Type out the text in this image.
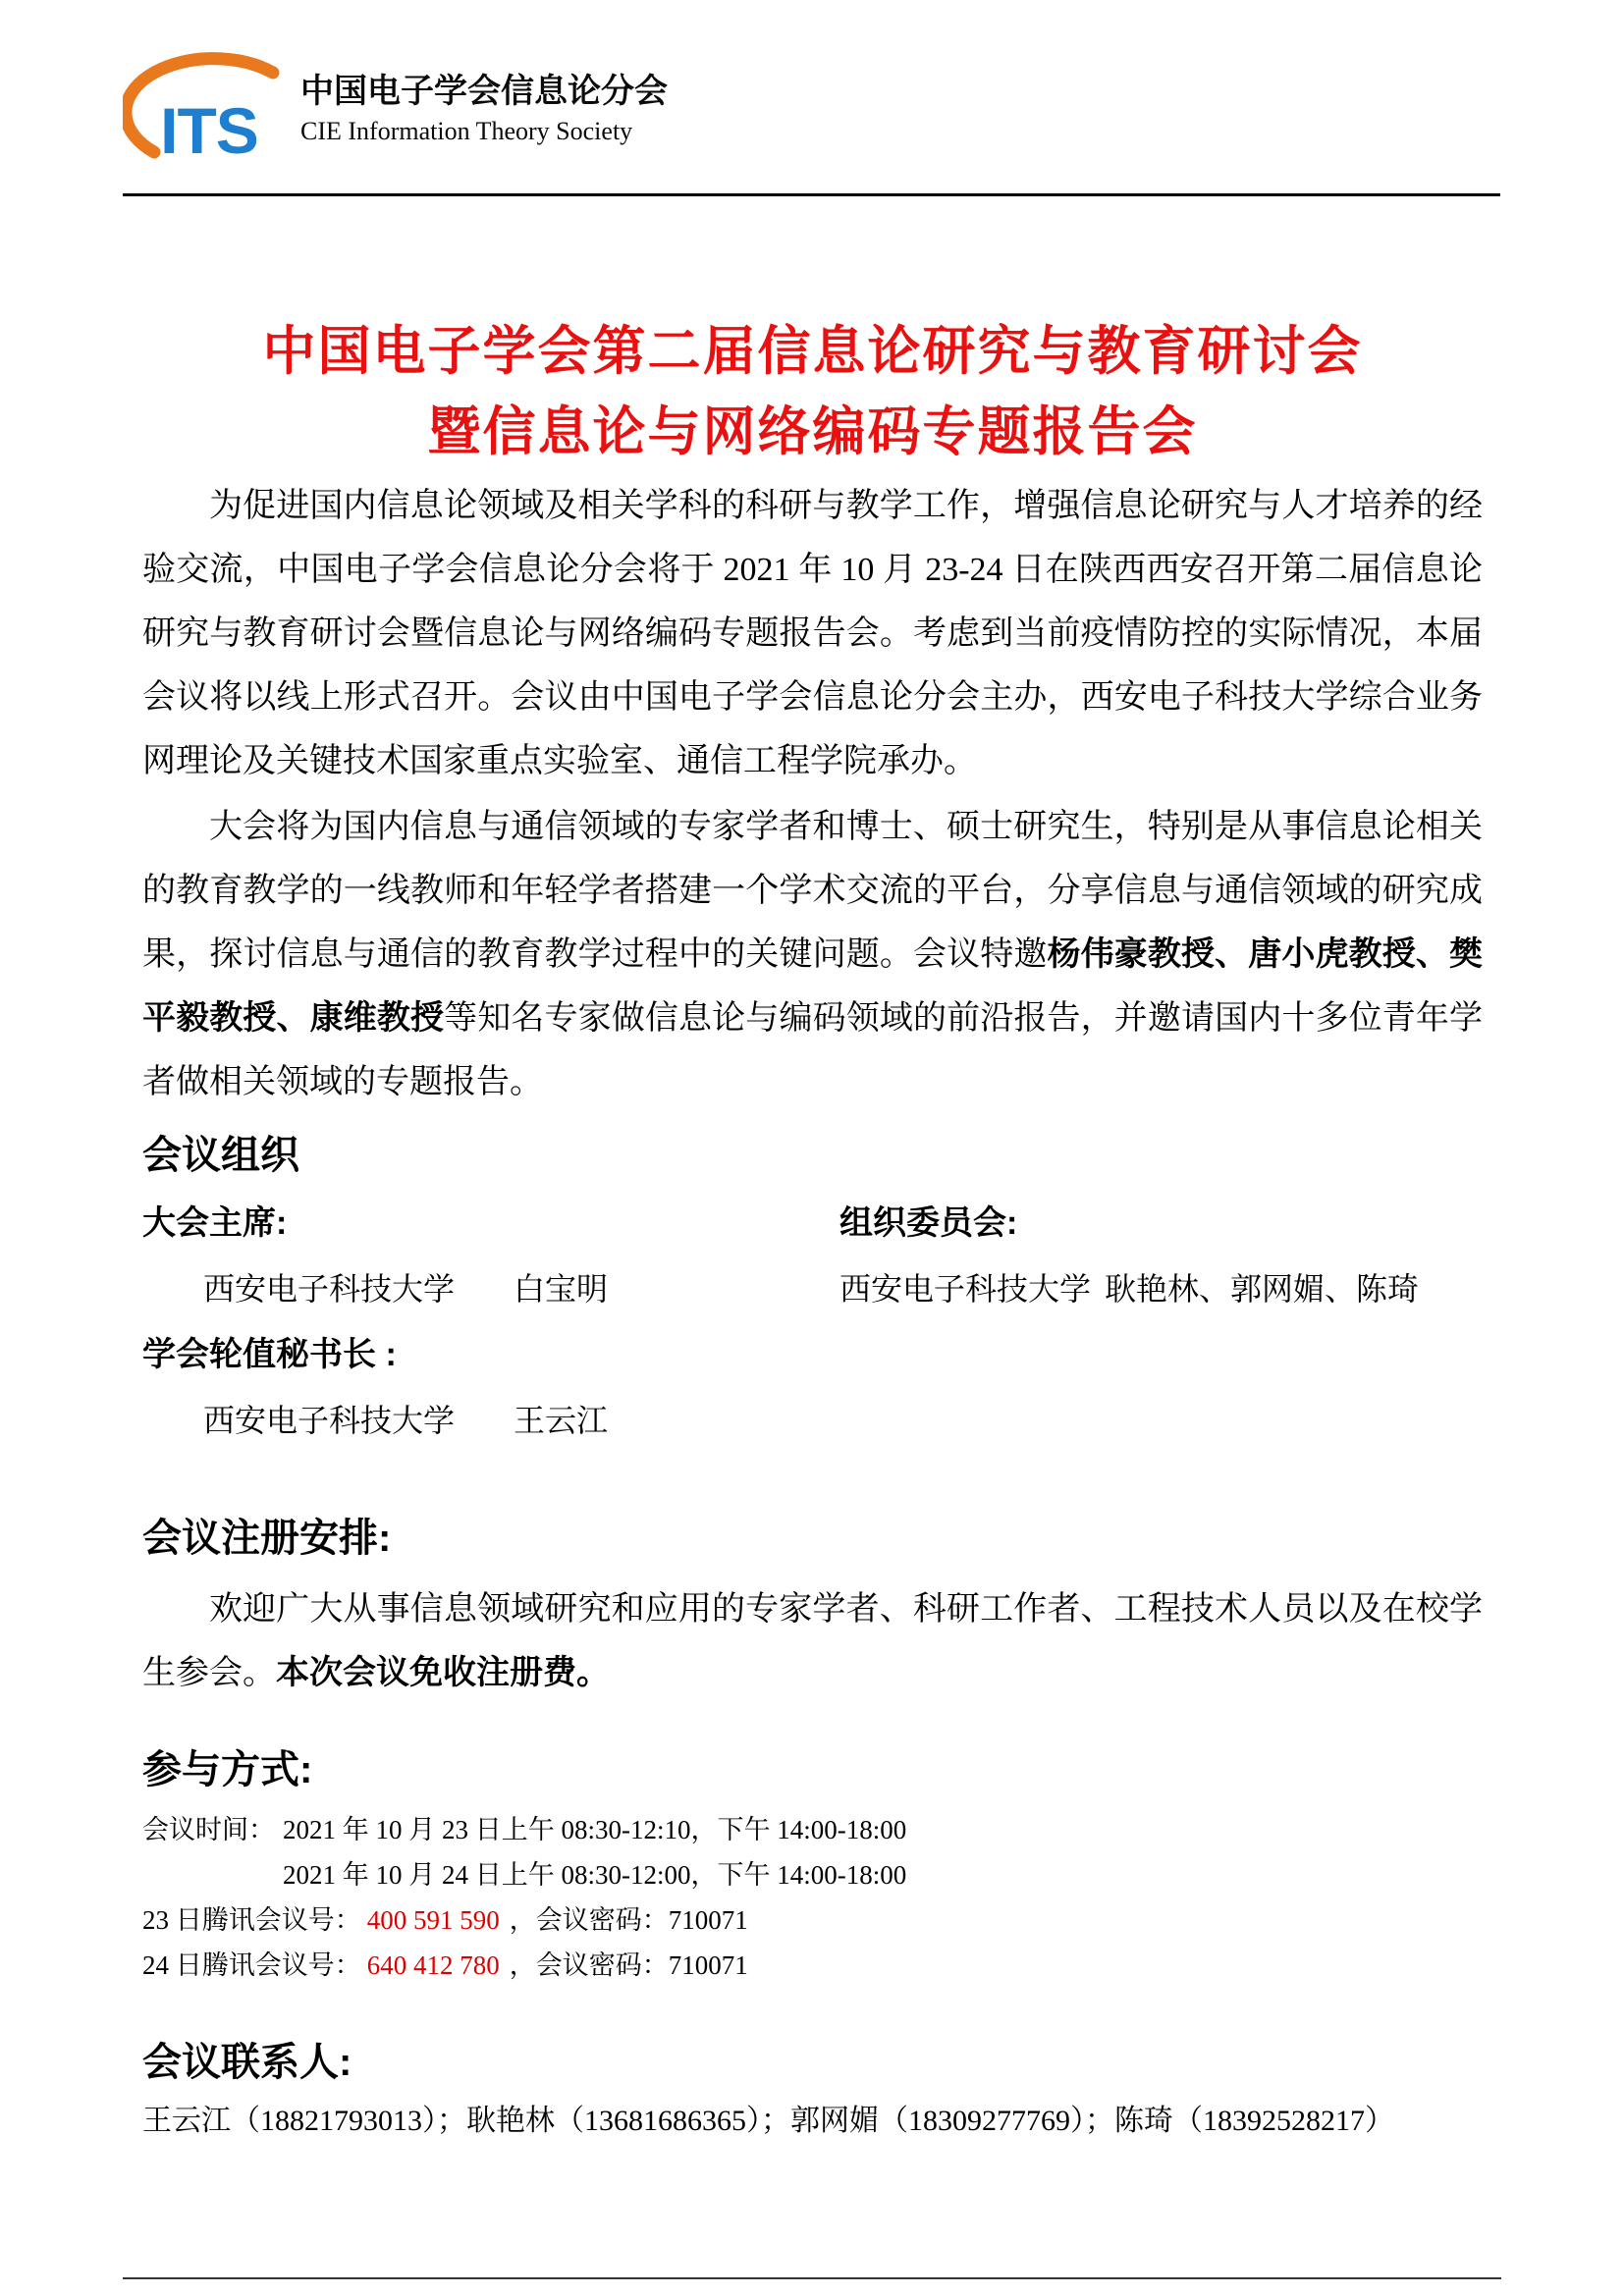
ITS
中国电子学会信息论分会
CIE Information Theory Society
中国电子学会第二届信息论研究与教育研讨会
暨信息论与网络编码专题报告会

为促进国内信息论领域及相关学科的科研与教学工作，增强信息论研究与人才培养的经验交流，中国电子学会信息论分会将于 2021 年 10 月 23-24 日在陕西西安召开第二届信息论研究与教育研讨会暨信息论与网络编码专题报告会。考虑到当前疫情防控的实际情况，本届会议将以线上形式召开。会议由中国电子学会信息论分会主办，西安电子科技大学综合业务网理论及关键技术国家重点实验室、通信工程学院承办。

大会将为国内信息与通信领域的专家学者和博士、硕士研究生，特别是从事信息论相关的教育教学的一线教师和年轻学者搭建一个学术交流的平台，分享信息与通信领域的研究成果，探讨信息与通信的教育教学过程中的关键问题。会议特邀杨伟豪教授、唐小虎教授、樊平毅教授、康维教授等知名专家做信息论与编码领域的前沿报告，并邀请国内十多位青年学者做相关领域的专题报告。

会议组织
大会主席:	组织委员会:
西安电子科技大学 白宝明	西安电子科技大学 耿艳林、郭网媚、陈琦
学会轮值秘书长 :
西安电子科技大学 王云江
会议注册安排:

欢迎广大从事信息领域研究和应用的专家学者、科研工作者、工程技术人员以及在校学生参会。本次会议免收注册费。

参与方式:
会议时间： 2021 年 10 月 23 日上午 08:30-12:10，下午 14:00-18:00
2021 年 10 月 24 日上午 08:30-12:00，下午 14:00-18:00
23 日腾讯会议号： 400 591 590 ，会议密码：710071
24 日腾讯会议号： 640 412 780 ，会议密码：710071
会议联系人:

王云江（18821793013）；耿艳林（13681686365）；郭网媚（18309277769）；陈琦（18392528217）
